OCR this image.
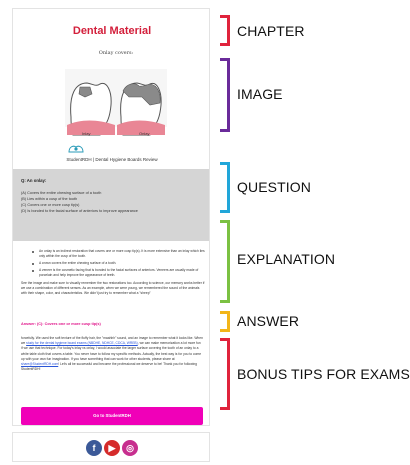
Dental Material
Onlay covers:
Inlay	Onlay
StudentRDH | Dental Hygiene Boards Review
Q: An onlay:
(A) Covers the entire chewing surface of a tooth
(B) Lies within a cusp of the tooth
(C) Covers one or more cusp tip(s)
(D) Is bonded to the facial surface of anteriors to improve appearance
An onlay is an indirect restoration that covers one or more cusp tip(s). It is more extensive than an inlay which lies only within the cusp of the tooth.
A crown covers the entire chewing surface of a tooth.
A veneer is the cosmetic facing that is bonded to the facial surfaces of anteriors. Veneers are usually made of porcelain and help improve the appearance of teeth.
See the image and make sure to visually remember the two restorations too. According to science, our memory works better if we use a combination of different senses. As an example, when we were young, we remembered the sound of the animals with their shape, color, and characteristics. We didn't just try to remember what a "sheep"
Answer: (C): Covers one or more cusp tip(s)
forcefully. We used the soft texture of the fluffy hair, the "maahhh" sound, and an image to remember what it looks like. When we study for the dental hygiene board exams (NBDHE, NDHCE, CDCA, WREB), we can make memorization a lot more fun if we use that technique. For today's inlay vs onlay, I would associate the larger surface covering the tooth of an onlay to a white table cloth that covers a table. You never have to follow my specific methods. Actually, the best way is for you to come up with your own fun imagination. If you have something that can work for other students, please share at share@StudentRDH.com! Let's all be successful and become the professional we deserve to be! Thank you for following StudentRDH!
Go to StudentRDH
f	▶	◎
CHAPTER
IMAGE
QUESTION
EXPLANATION
ANSWER
BONUS TIPS FOR EXAMS
